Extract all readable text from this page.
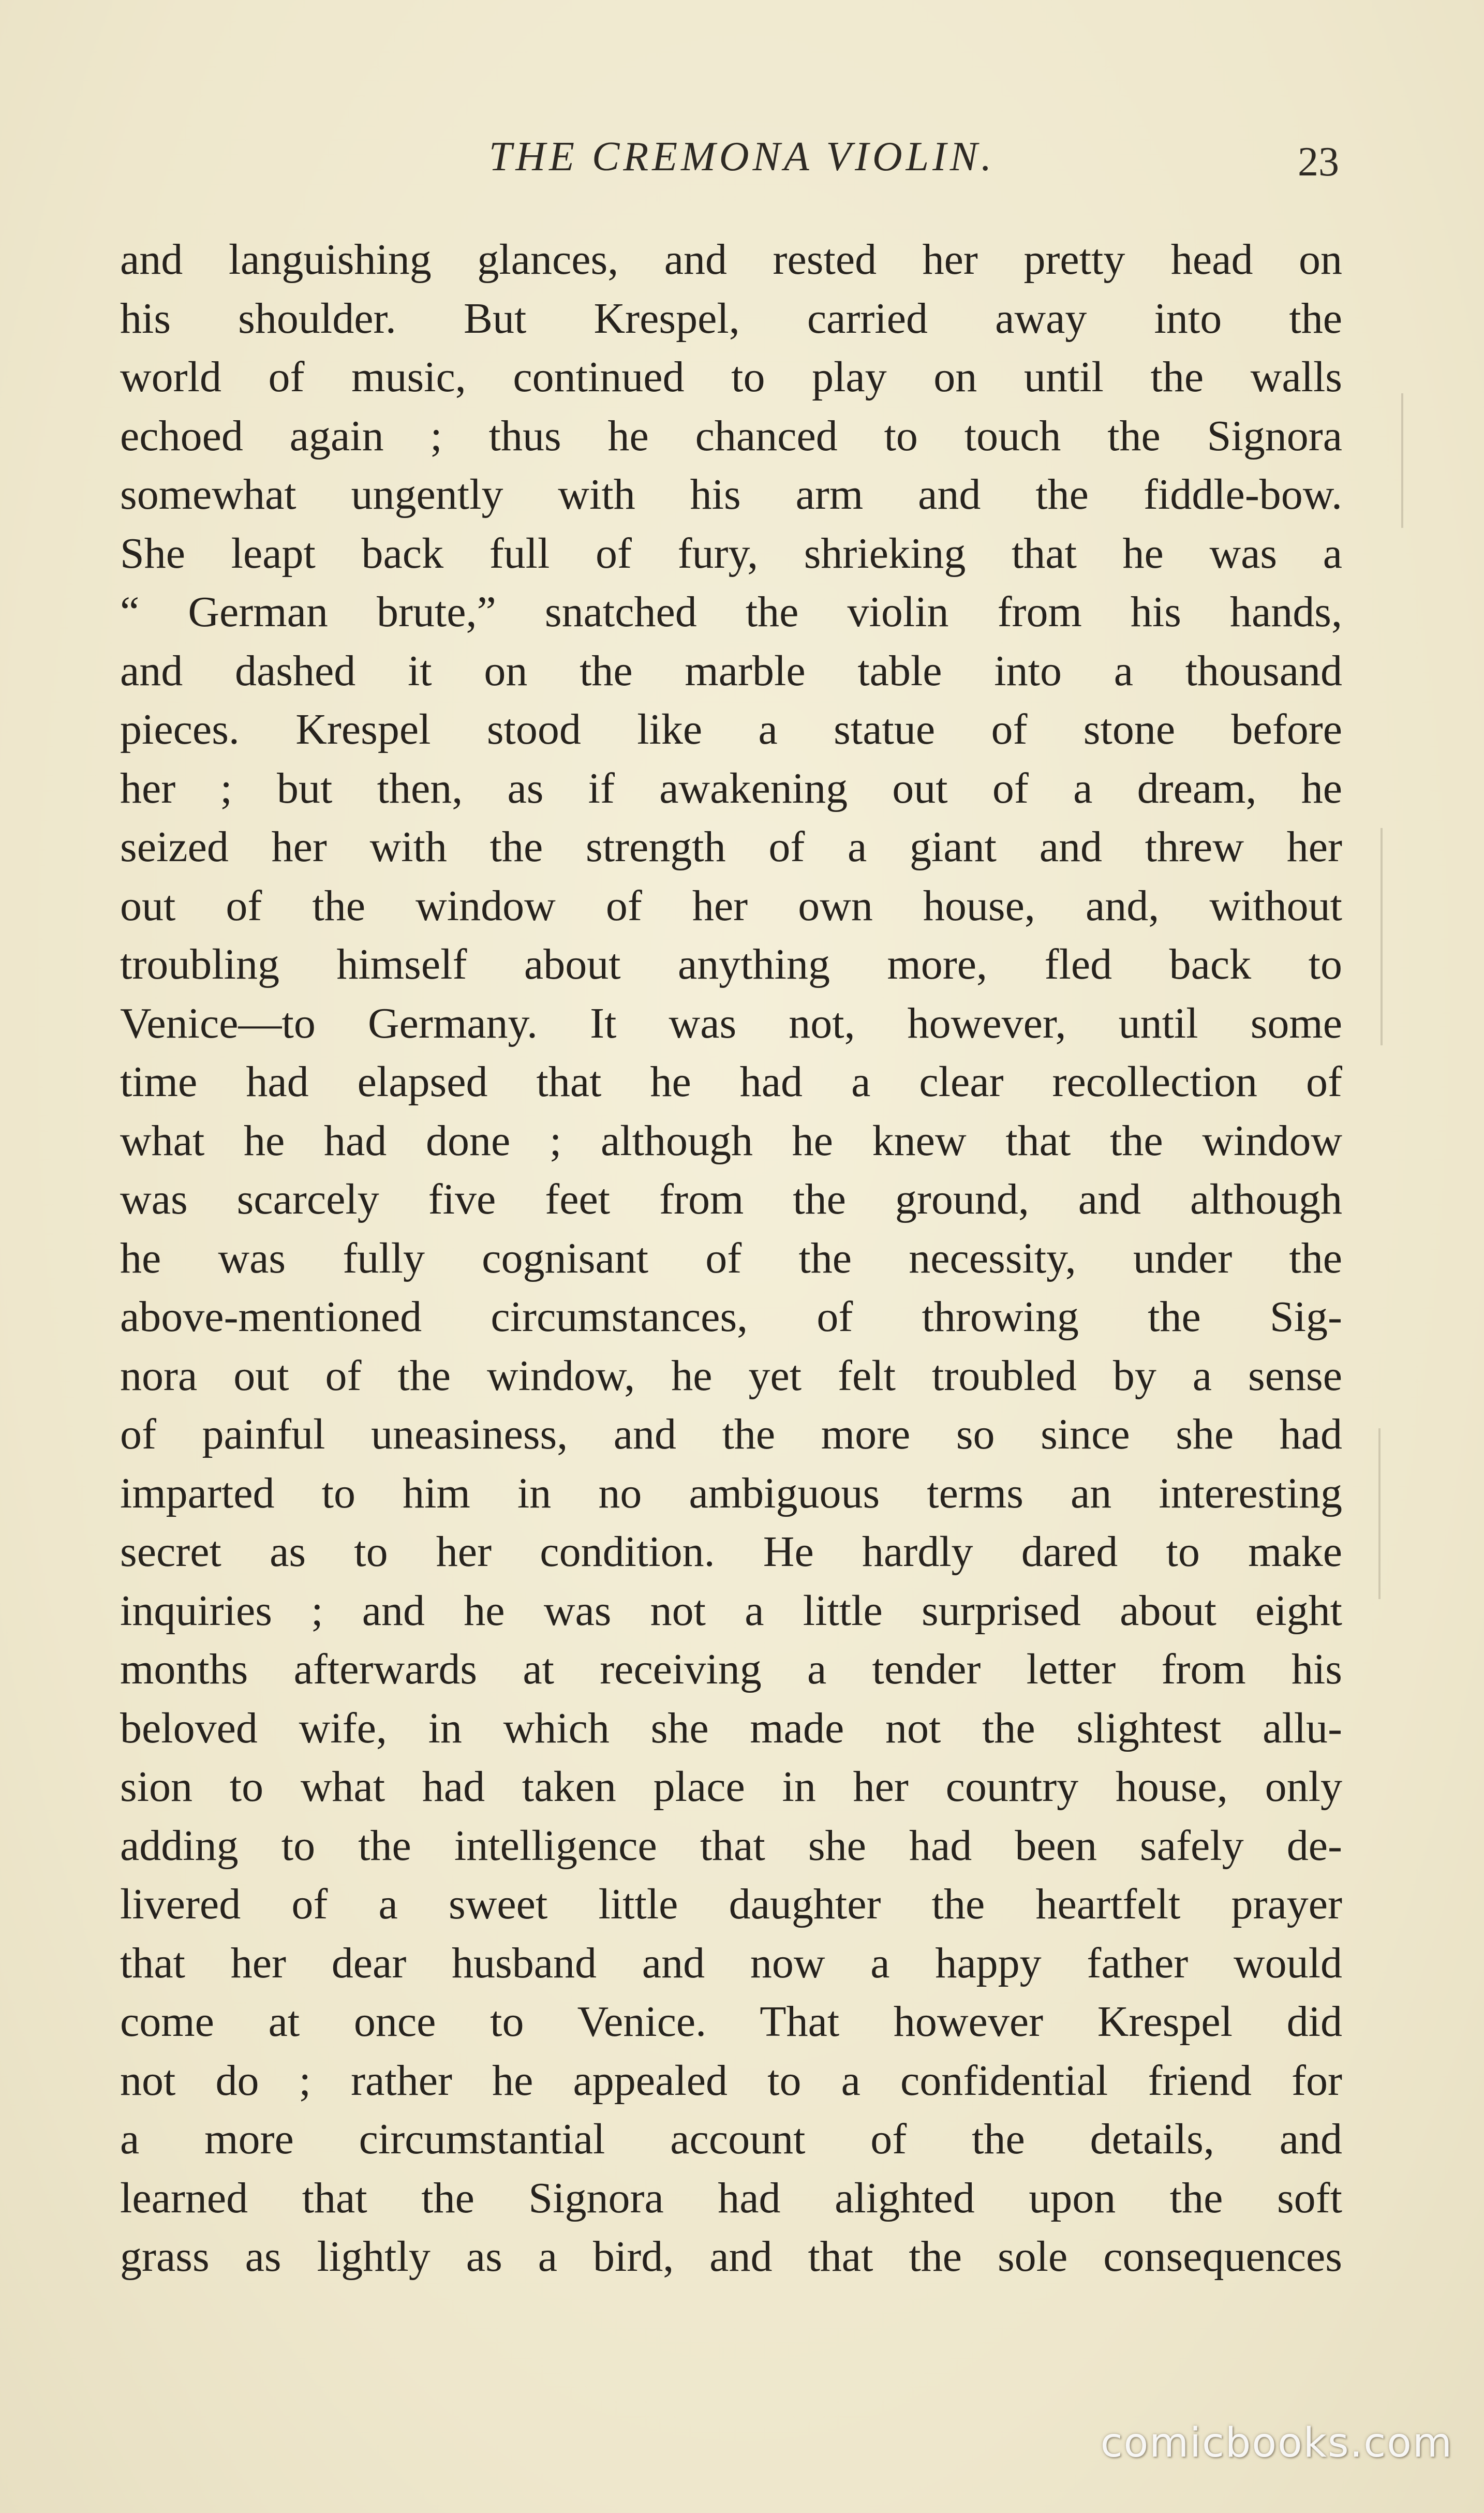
THE CREMONA VIOLIN.	23
and languishing glances, and rested her pretty head on
his shoulder. But Krespel, carried away into the
world of music, continued to play on until the walls
echoed again ; thus he chanced to touch the Signora
somewhat ungently with his arm and the fiddle-bow.
She leapt back full of fury, shrieking that he was a
“ German brute,” snatched the violin from his hands,
and dashed it on the marble table into a thousand
pieces. Krespel stood like a statue of stone before
her ; but then, as if awakening out of a dream, he
seized her with the strength of a giant and threw her
out of the window of her own house, and, without
troubling himself about anything more, fled back to
Venice—to Germany. It was not, however, until some
time had elapsed that he had a clear recollection of
what he had done ; although he knew that the window
was scarcely five feet from the ground, and although
he was fully cognisant of the necessity, under the
above-mentioned circumstances, of throwing the Sig-
nora out of the window, he yet felt troubled by a sense
of painful uneasiness, and the more so since she had
imparted to him in no ambiguous terms an interesting
secret as to her condition. He hardly dared to make
inquiries ; and he was not a little surprised about eight
months afterwards at receiving a tender letter from his
beloved wife, in which she made not the slightest allu-
sion to what had taken place in her country house, only
adding to the intelligence that she had been safely de-
livered of a sweet little daughter the heartfelt prayer
that her dear husband and now a happy father would
come at once to Venice. That however Krespel did
not do ; rather he appealed to a confidential friend for
a more circumstantial account of the details, and
learned that the Signora had alighted upon the soft
grass as lightly as a bird, and that the sole consequences
comicbooks.com
